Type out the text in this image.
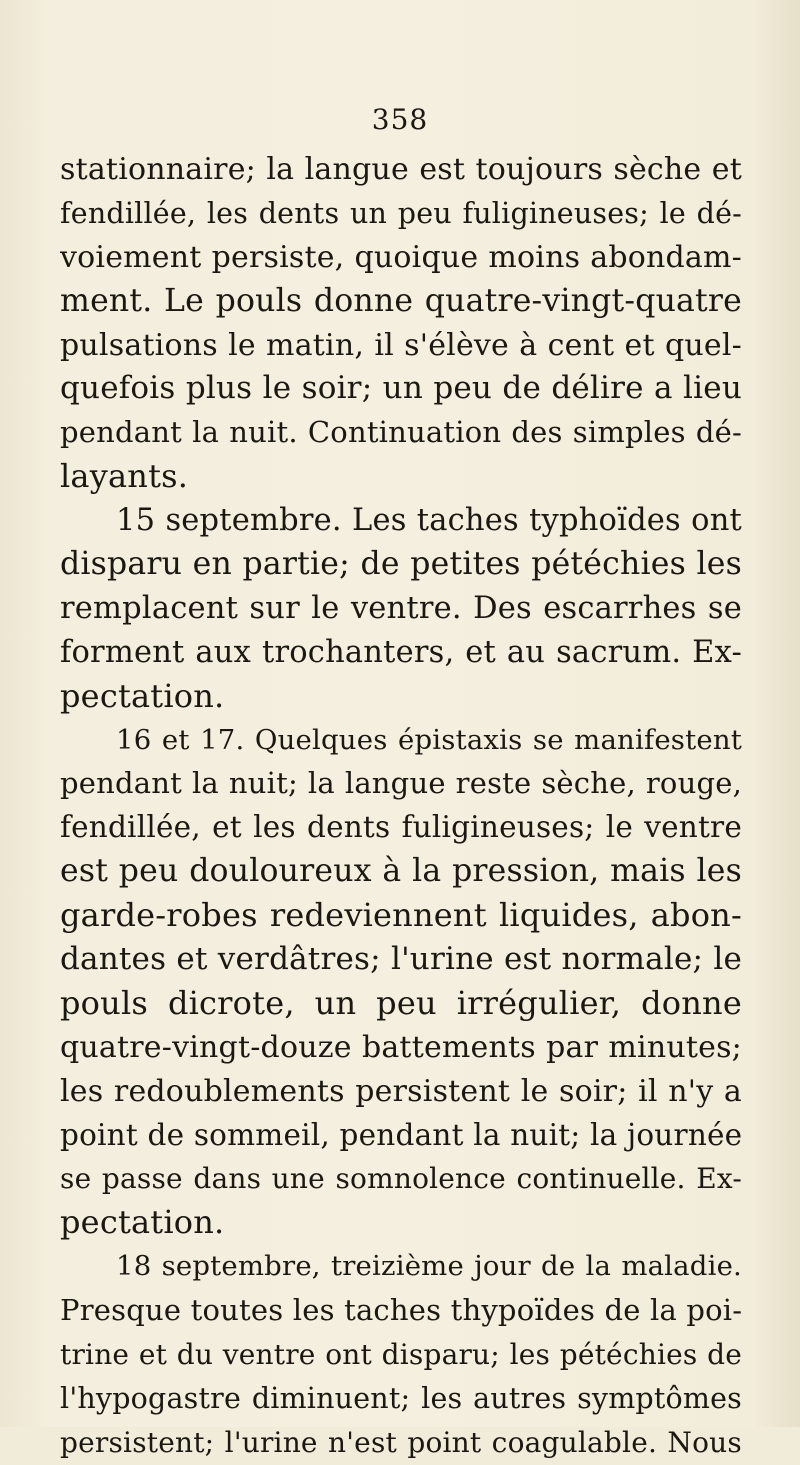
358
stationnaire; la langue est toujours sèche et
fendillée, les dents un peu fuligineuses; le dé-
voiement persiste, quoique moins abondam-
ment. Le pouls donne quatre-vingt-quatre
pulsations le matin, il s'élève à cent et quel-
quefois plus le soir; un peu de délire a lieu
pendant la nuit. Continuation des simples dé-
layants.
15 septembre. Les taches typhoïdes ont
disparu en partie; de petites pétéchies les
remplacent sur le ventre. Des escarrhes se
forment aux trochanters, et au sacrum. Ex-
pectation.
16 et 17. Quelques épistaxis se manifestent
pendant la nuit; la langue reste sèche, rouge,
fendillée, et les dents fuligineuses; le ventre
est peu douloureux à la pression, mais les
garde-robes redeviennent liquides, abon-
dantes et verdâtres; l'urine est normale; le
pouls dicrote, un peu irrégulier, donne
quatre-vingt-douze battements par minutes;
les redoublements persistent le soir; il n'y a
point de sommeil, pendant la nuit; la journée
se passe dans une somnolence continuelle. Ex-
pectation.
18 septembre, treizième jour de la maladie.
Presque toutes les taches thypoïdes de la poi-
trine et du ventre ont disparu; les pétéchies de
l'hypogastre diminuent; les autres symptômes
persistent; l'urine n'est point coagulable. Nous
